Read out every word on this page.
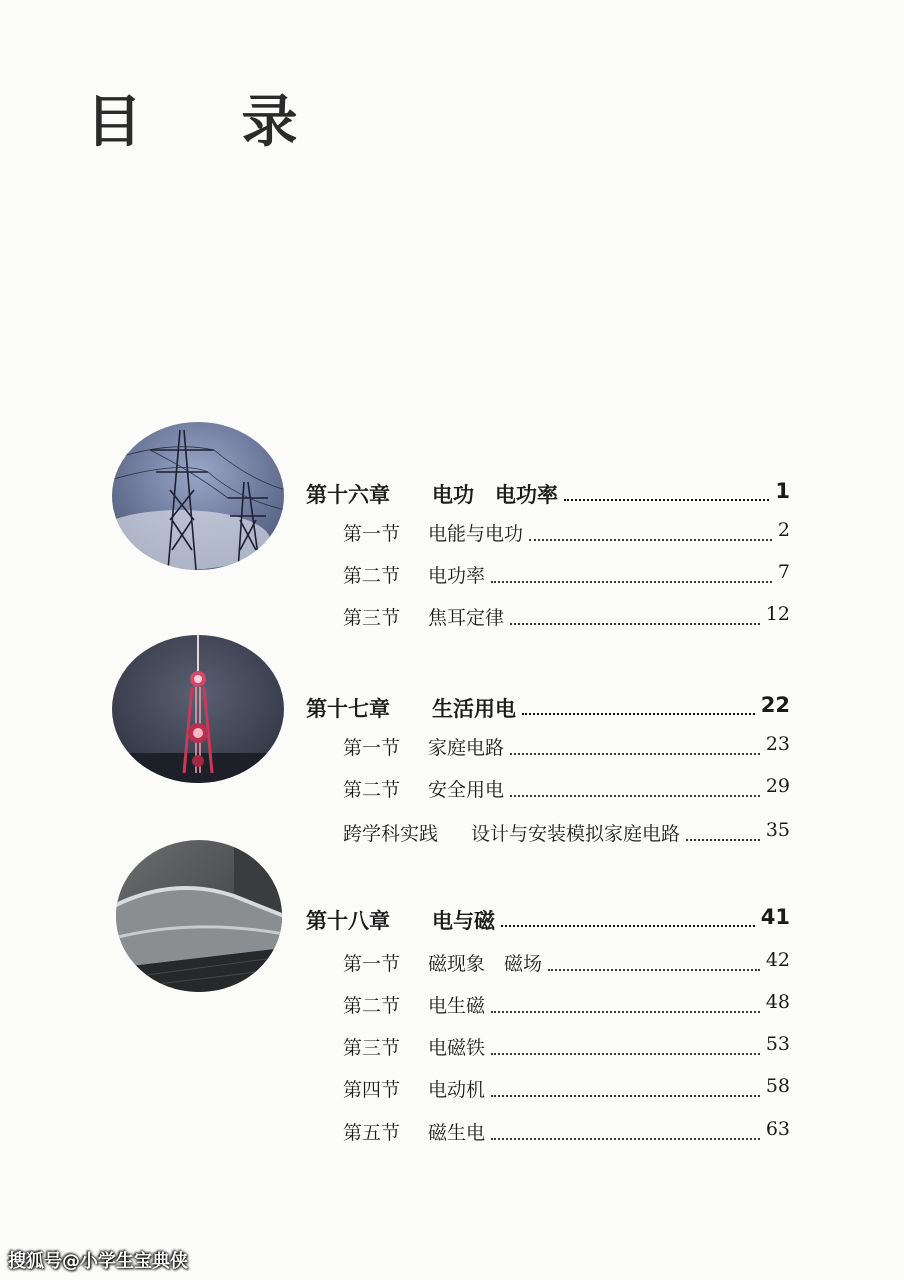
目 录
第十六章 电功　电功率	1
第一节 电能与电功	2
第二节 电功率	7
第三节 焦耳定律	12
第十七章 生活用电	22
第一节 家庭电路	23
第二节 安全用电	29
跨学科实践 设计与安装模拟家庭电路	35
第十八章 电与磁	41
第一节 磁现象　磁场	42
第二节 电生磁	48
第三节 电磁铁	53
第四节 电动机	58
第五节 磁生电	63
搜狐号@小学生宝典侠
